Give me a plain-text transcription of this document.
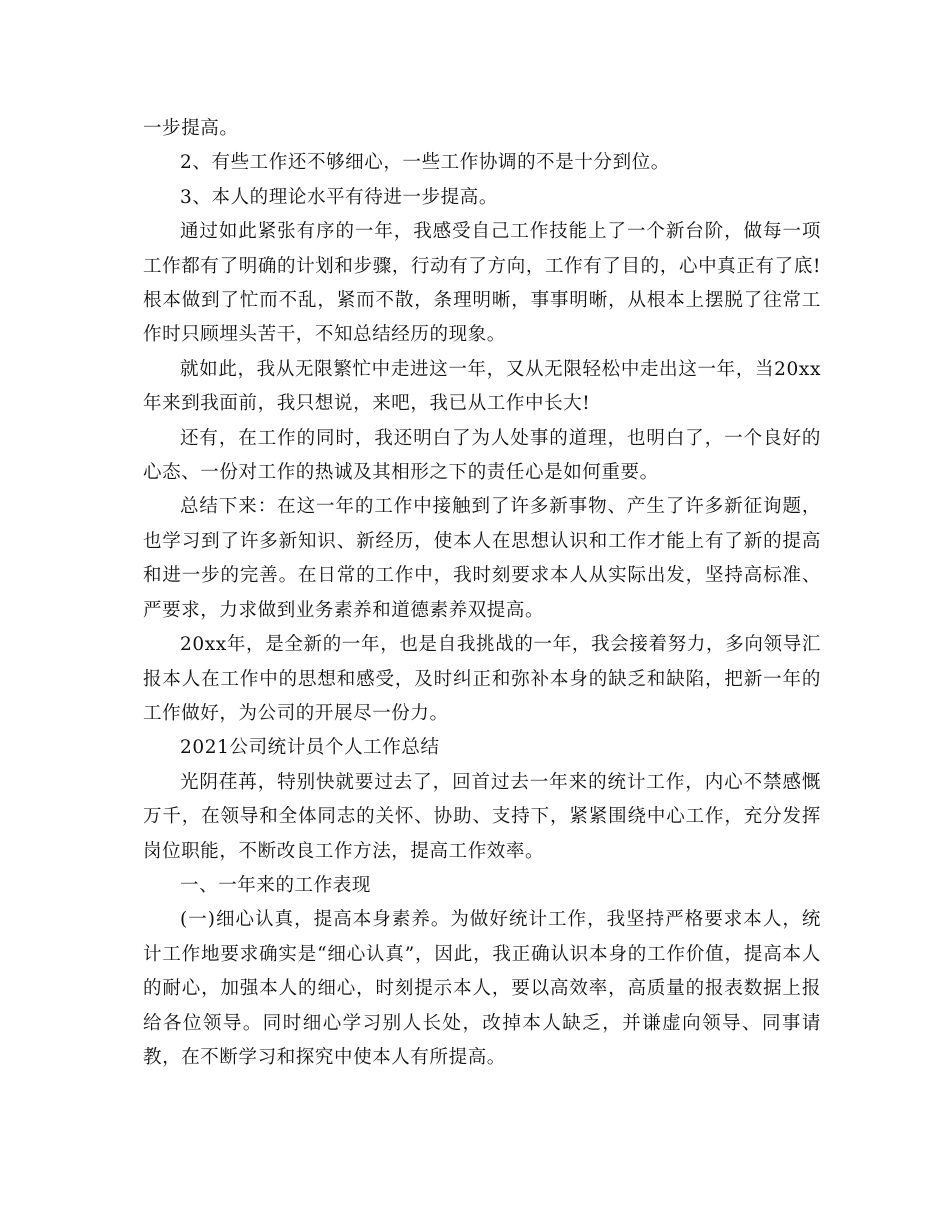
一步提高。

2、有些工作还不够细心，一些工作协调的不是十分到位。

3、本人的理论水平有待进一步提高。

通过如此紧张有序的一年，我感受自己工作技能上了一个新台阶，做每一项工作都有了明确的计划和步骤，行动有了方向，工作有了目的，心中真正有了底!根本做到了忙而不乱，紧而不散，条理明晰，事事明晰，从根本上摆脱了往常工作时只顾埋头苦干，不知总结经历的现象。

就如此，我从无限繁忙中走进这一年，又从无限轻松中走出这一年，当20xx年来到我面前，我只想说，来吧，我已从工作中长大!

还有，在工作的同时，我还明白了为人处事的道理，也明白了，一个良好的心态、一份对工作的热诚及其相形之下的责任心是如何重要。

总结下来：在这一年的工作中接触到了许多新事物、产生了许多新征询题，也学习到了许多新知识、新经历，使本人在思想认识和工作才能上有了新的提高和进一步的完善。在日常的工作中，我时刻要求本人从实际出发，坚持高标准、严要求，力求做到业务素养和道德素养双提高。

20xx年，是全新的一年，也是自我挑战的一年，我会接着努力，多向领导汇报本人在工作中的思想和感受，及时纠正和弥补本身的缺乏和缺陷，把新一年的工作做好，为公司的开展尽一份力。

2021公司统计员个人工作总结

光阴荏苒，特别快就要过去了，回首过去一年来的统计工作，内心不禁感慨万千，在领导和全体同志的关怀、协助、支持下，紧紧围绕中心工作，充分发挥岗位职能，不断改良工作方法，提高工作效率。

一、一年来的工作表现

(一)细心认真，提高本身素养。为做好统计工作，我坚持严格要求本人，统计工作地要求确实是“细心认真”，因此，我正确认识本身的工作价值，提高本人的耐心，加强本人的细心，时刻提示本人，要以高效率，高质量的报表数据上报给各位领导。同时细心学习别人长处，改掉本人缺乏，并谦虚向领导、同事请教，在不断学习和探究中使本人有所提高。
